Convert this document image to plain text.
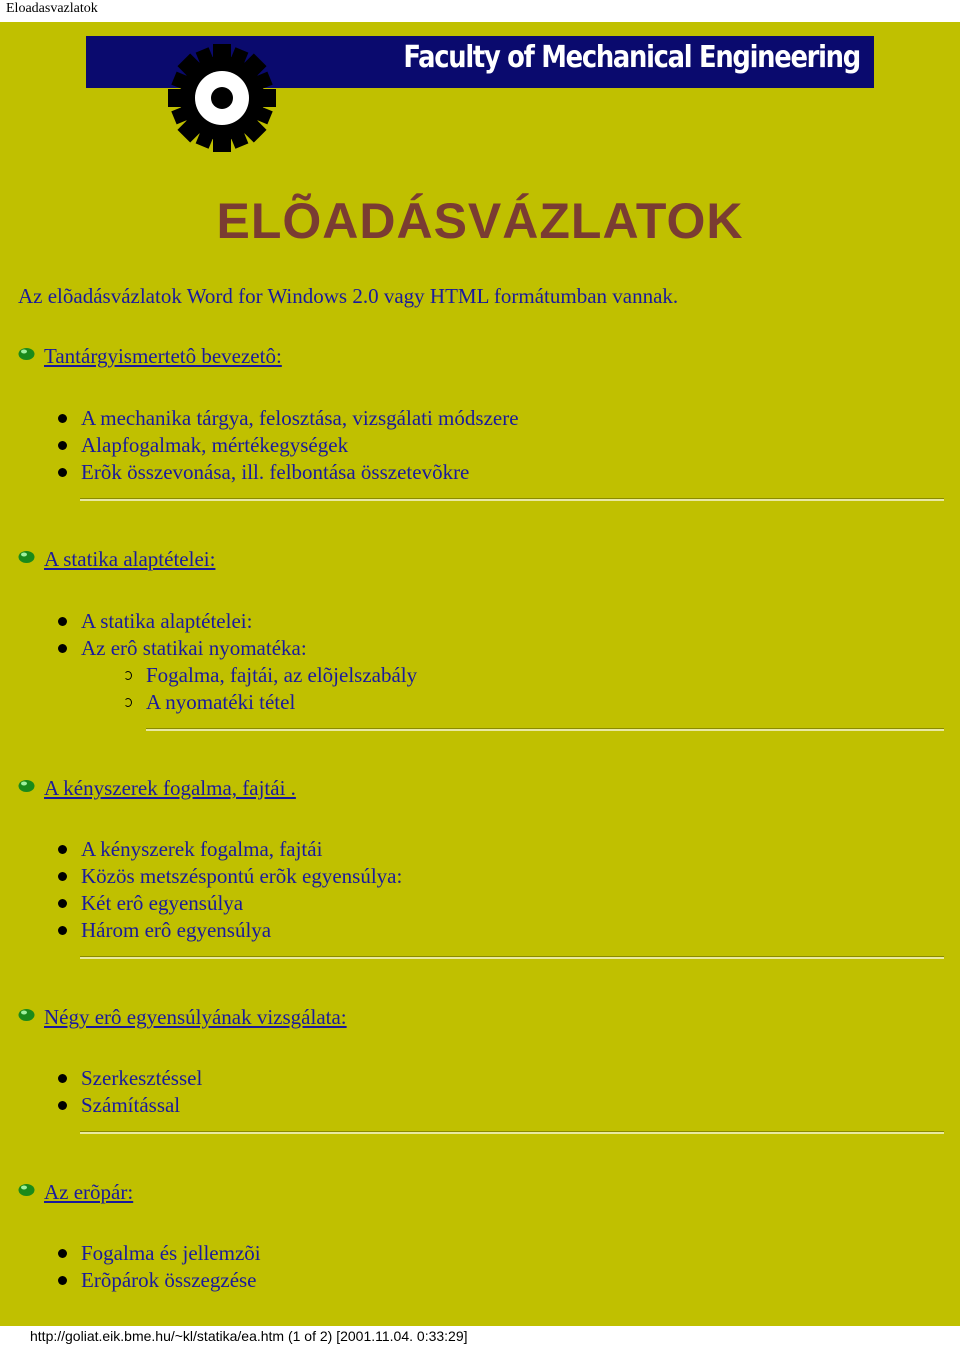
Eloadasvazlatok
Faculty of Mechanical Engineering
ELÕADÁSVÁZLATOK
Az elõadásvázlatok Word for Windows 2.0 vagy HTML formátumban vannak.
Tantárgyismertetô bevezetô:
A mechanika tárgya, felosztása, vizsgálati módszere
Alapfogalmak, mértékegységek
Erõk összevonása, ill. felbontása összetevõkre
A statika alaptételei:
A statika alaptételei:
Az erô statikai nyomatéka:
Fogalma, fajtái, az elõjelszabály
A nyomatéki tétel
A kényszerek fogalma, fajtái .
A kényszerek fogalma, fajtái
Közös metszéspontú erõk egyensúlya:
Két erô egyensúlya
Három erô egyensúlya
Négy erô egyensúlyának vizsgálata:
Szerkesztéssel
Számítással
Az erõpár:
Fogalma és jellemzõi
Erõpárok összegzése
http://goliat.eik.bme.hu/~kl/statika/ea.htm (1 of 2) [2001.11.04. 0:33:29]
